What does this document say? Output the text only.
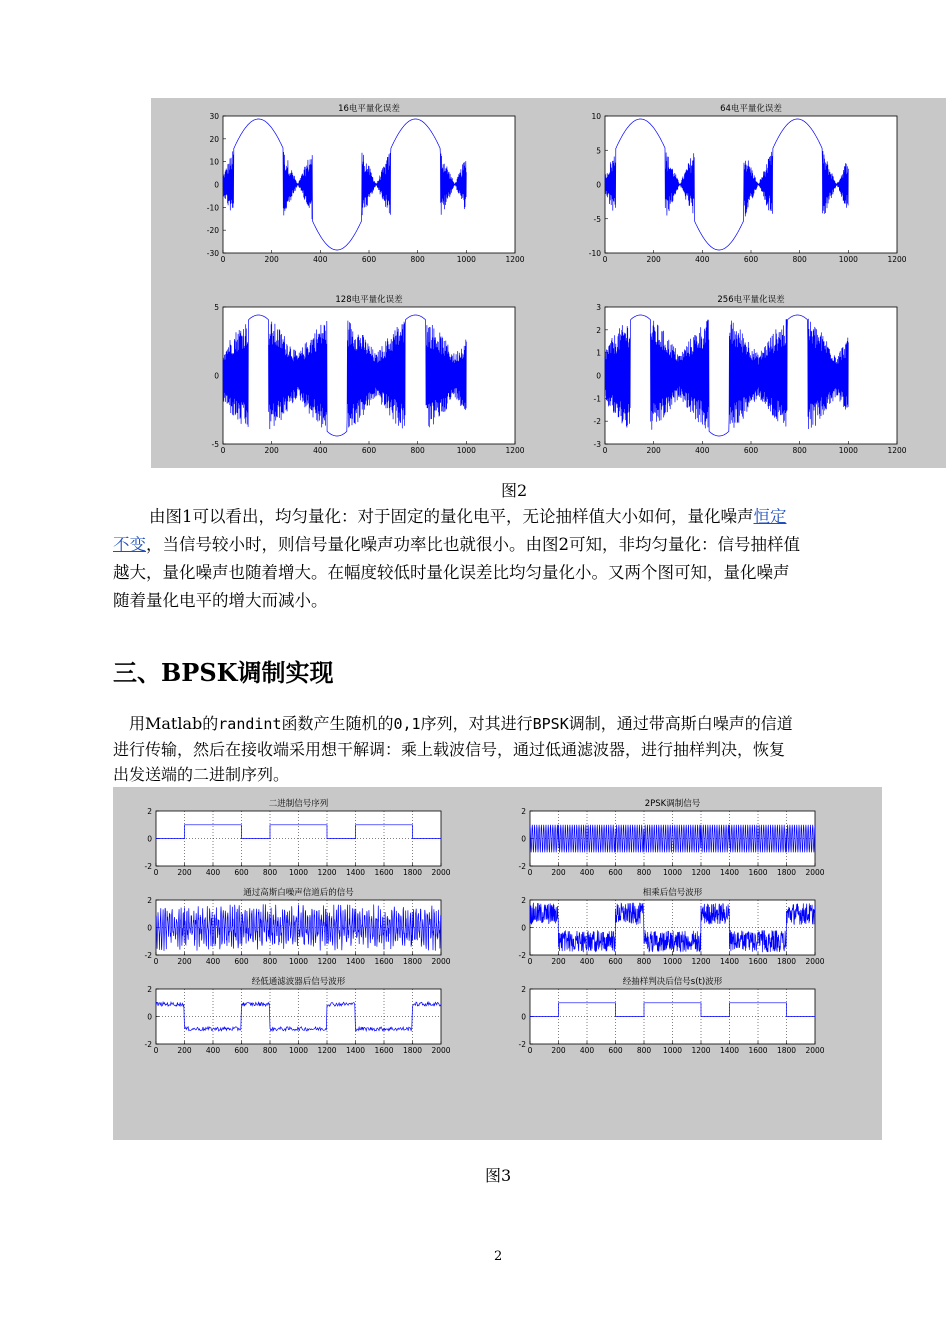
16电平量化误差
0	200	400	600	800	1000	1200
30
20
10
0
-10
-20
-30
64电平量化误差
0	200	400	600	800	1000	1200
10
5
0
-5
-10
128电平量化误差
0	200	400	600	800	1000	1200
5
0
-5
256电平量化误差
0	200	400	600	800	1000	1200
3
2
1
0
-1
-2
-3
图2

由图1可以看出，均匀量化：对于固定的量化电平，无论抽样值大小如何，量化噪声恒定

不变，当信号较小时，则信号量化噪声功率比也就很小。由图2可知，非均匀量化：信号抽样值

越大，量化噪声也随着增大。在幅度较低时量化误差比均匀量化小。又两个图可知，量化噪声

随着量化电平的增大而减小。

三、BPSK调制实现

用Matlab的randint函数产生随机的0,1序列，对其进行BPSK调制，通过带高斯白噪声的信道

进行传输，然后在接收端采用想干解调：乘上载波信号，通过低通滤波器，进行抽样判决，恢复

出发送端的二进制序列。

二进制信号序列
0	200 400 600 800 1000 1200 1400 1600 1800 2000
2
0
-2
2PSK调制信号
0	200 400 600 800 1000 1200 1400 1600 1800 2000
2
0
-2
通过高斯白噪声信道后的信号
0	200 400 600 800 1000 1200 1400 1600 1800 2000
2
0
-2
相乘后信号波形
0	200 400 600 800 1000 1200 1400 1600 1800 2000
2
0
-2
经低通滤波器后信号波形
0	200 400 600 800 1000 1200 1400 1600 1800 2000
2
0
-2
经抽样判决后信号s(t)波形
0	200 400 600 800 1000 1200 1400 1600 1800 2000
2
0
-2
图3
2
